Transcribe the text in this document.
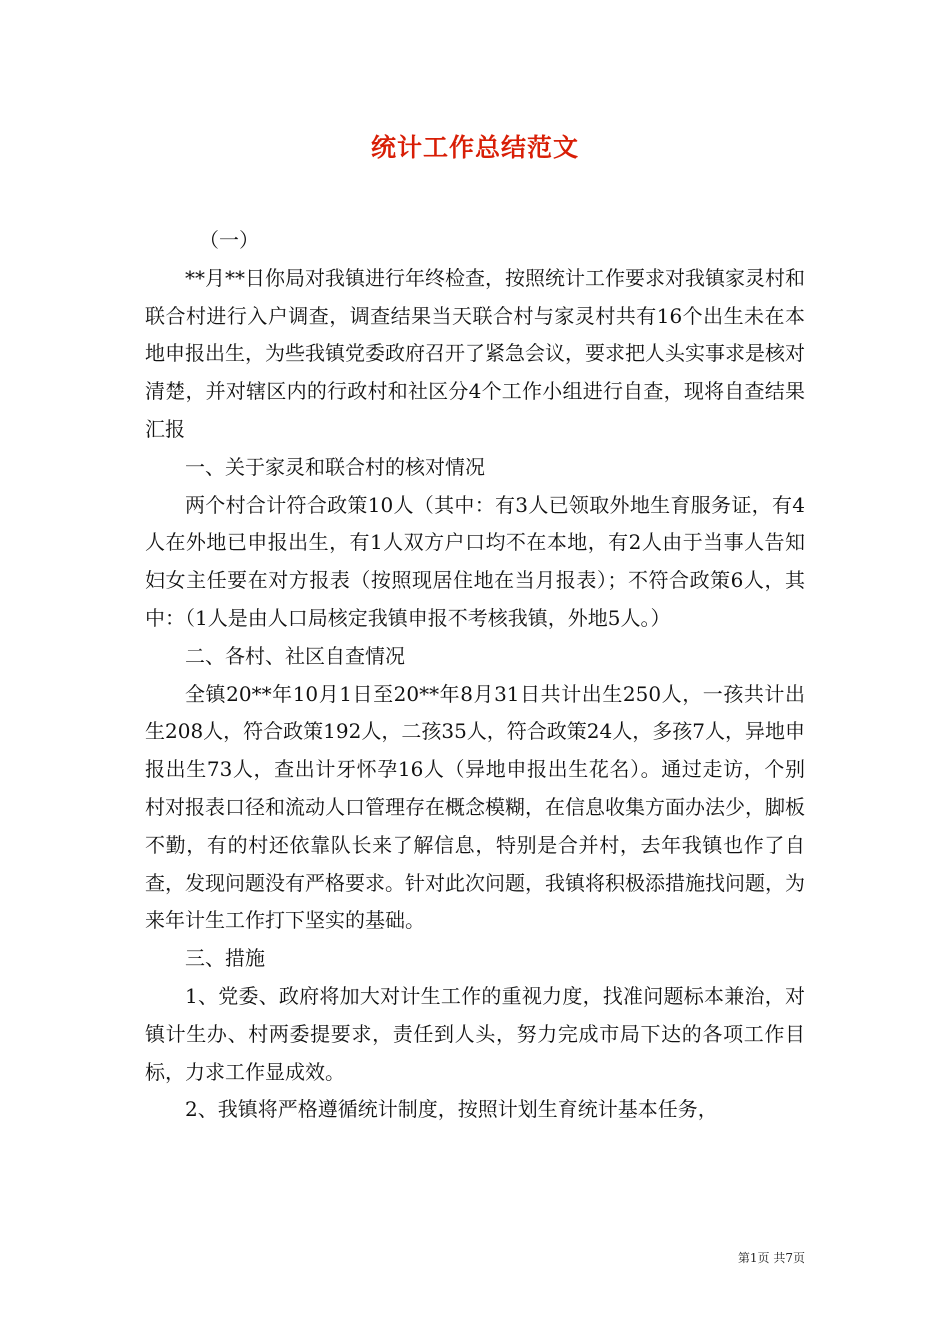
统计工作总结范文

（一）

**月**日你局对我镇进行年终检查，按照统计工作要求对我镇家灵村和联合村进行入户调查，调查结果当天联合村与家灵村共有16个出生未在本地申报出生，为些我镇党委政府召开了紧急会议，要求把人头实事求是核对清楚，并对辖区内的行政村和社区分4个工作小组进行自查，现将自查结果汇报

一、关于家灵和联合村的核对情况

两个村合计符合政策10人（其中：有3人已领取外地生育服务证，有4人在外地已申报出生，有1人双方户口均不在本地，有2人由于当事人告知妇女主任要在对方报表（按照现居住地在当月报表）；不符合政策6人，其中：（1人是由人口局核定我镇申报不考核我镇，外地5人。）

二、各村、社区自查情况

全镇20**年10月1日至20**年8月31日共计出生250人，一孩共计出生208人，符合政策192人，二孩35人，符合政策24人，多孩7人，异地申报出生73人，查出计牙怀孕16人（异地申报出生花名）。通过走访，个别村对报表口径和流动人口管理存在概念模糊，在信息收集方面办法少，脚板不勤，有的村还依靠队长来了解信息，特别是合并村，去年我镇也作了自查，发现问题没有严格要求。针对此次问题，我镇将积极添措施找问题，为来年计生工作打下坚实的基础。

三、措施

1、党委、政府将加大对计生工作的重视力度，找准问题标本兼治，对镇计生办、村两委提要求，责任到人头，努力完成市局下达的各项工作目标，力求工作显成效。

2、我镇将严格遵循统计制度，按照计划生育统计基本任务，

第1页 共7页
